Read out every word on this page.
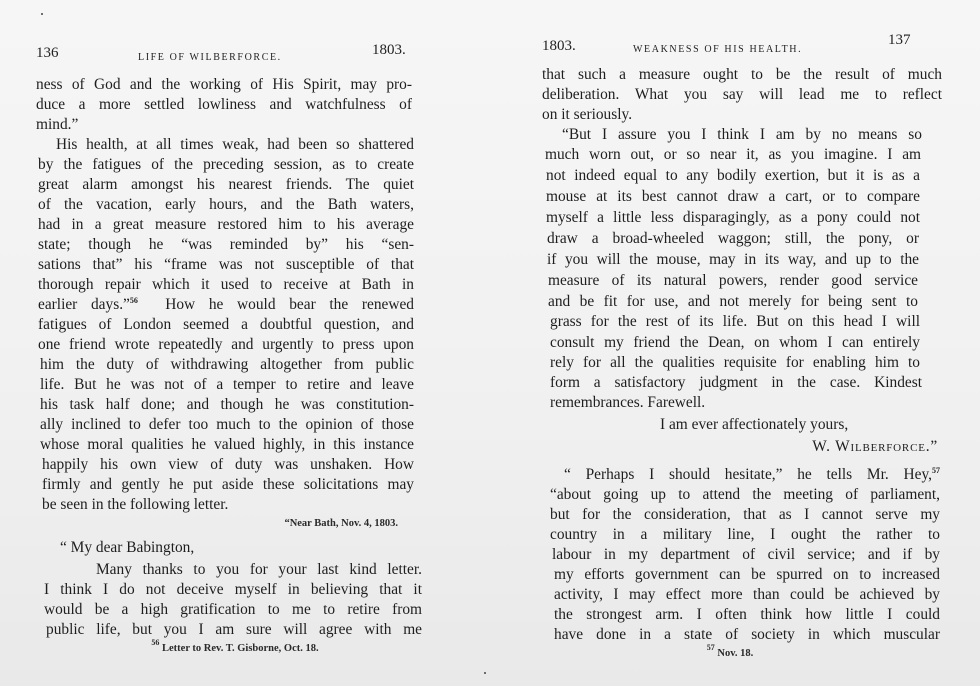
136	LIFE OF WILBERFORCE.	1803.
ness of God and the working of His Spirit, may pro-
duce a more settled lowliness and watchfulness of
mind.”
His health, at all times weak, had been so shattered
by the fatigues of the preceding session, as to create
great alarm amongst his nearest friends. The quiet
of the vacation, early hours, and the Bath waters,
had in a great measure restored him to his average
state; though he “was reminded by” his “sen-
sations that” his “frame was not susceptible of that
thorough repair which it used to receive at Bath in
earlier days.”$^{56}$  How he would bear the renewed
fatigues of London seemed a doubtful question, and
one friend wrote repeatedly and urgently to press upon
him the duty of withdrawing altogether from public
life. But he was not of a temper to retire and leave
his task half done; and though he was constitution-
ally inclined to defer too much to the opinion of those
whose moral qualities he valued highly, in this instance
happily his own view of duty was unshaken. How
firmly and gently he put aside these solicitations may
be seen in the following letter.
“Near Bath, Nov. 4, 1803.
“ My dear Babington,
Many thanks to you for your last kind letter.
I think I do not deceive myself in believing that it
would be a high gratification to me to retire from
public life, but you I am sure will agree with me
$^{56}$ Letter to Rev. T. Gisborne, Oct. 18.
1803.	WEAKNESS OF HIS HEALTH.
137
that such a measure ought to be the result of much
deliberation. What you say will lead me to reflect
on it seriously.
“But I assure you I think I am by no means so
much worn out, or so near it, as you imagine. I am
not indeed equal to any bodily exertion, but it is as a
mouse at its best cannot draw a cart, or to compare
myself a little less disparagingly, as a pony could not
draw a broad-wheeled waggon; still, the pony, or
if you will the mouse, may in its way, and up to the
measure of its natural powers, render good service
and be fit for use, and not merely for being sent to
grass for the rest of its life. But on this head I will
consult my friend the Dean, on whom I can entirely
rely for all the qualities requisite for enabling him to
form a satisfactory judgment in the case. Kindest
remembrances. Farewell.
I am ever affectionately yours,
W. Wilberforce.”
“ Perhaps I should hesitate,” he tells Mr. Hey,$^{57}$
“about going up to attend the meeting of parliament,
but for the consideration, that as I cannot serve my
country in a military line, I ought the rather to
labour in my department of civil service; and if by
my efforts government can be spurred on to increased
activity, I may effect more than could be achieved by
the strongest arm. I often think how little I could
have done in a state of society in which muscular
$^{57}$ Nov. 18.
